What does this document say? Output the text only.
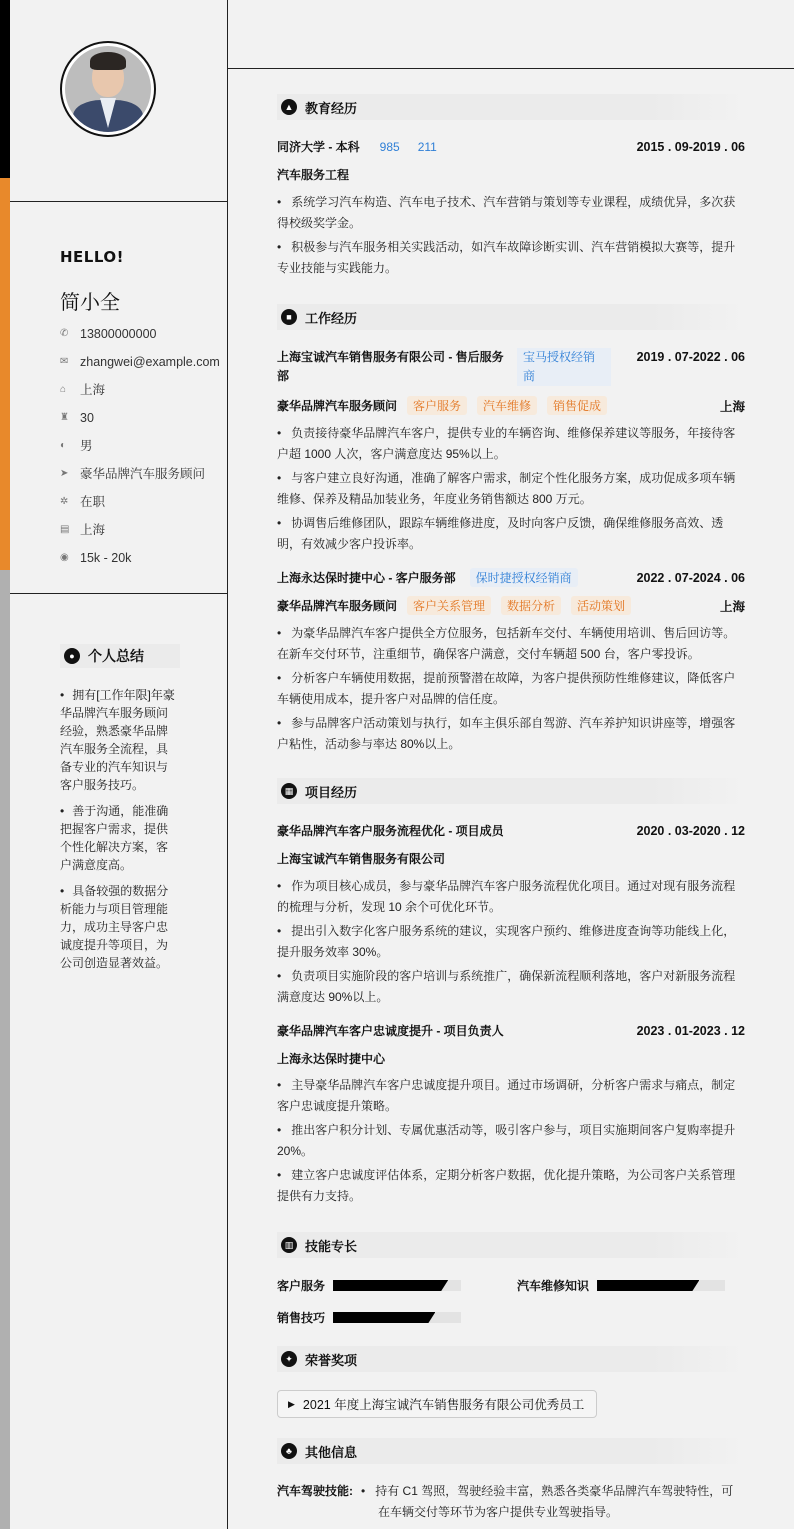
HELLO!
简小全
✆ 13800000000
✉ zhangwei@example.com
⌂	上海
♜ 30
◐	男
➤ 豪华品牌汽车服务顾问
✲ 在职
▤ 上海
◉ 15k - 20k
● 个人总结
• 拥有[工作年限]年豪华品牌汽车服务顾问经验，熟悉豪华品牌汽车服务全流程，具备专业的汽车知识与客户服务技巧。
• 善于沟通，能准确把握客户需求，提供个性化解决方案，客户满意度高。
• 具备较强的数据分析能力与项目管理能力，成功主导客户忠诚度提升等项目，为公司创造显著效益。
▲ 教育经历
同济大学 - 本科	985	211	2015 . 09-2019 . 06
汽车服务工程
• 系统学习汽车构造、汽车电子技术、汽车营销与策划等专业课程，成绩优异，多次获得校级奖学金。
• 积极参与汽车服务相关实践活动，如汽车故障诊断实训、汽车营销模拟大赛等，提升专业技能与实践能力。
■	工作经历
上海宝诚汽车销售服务有限公司 - 售后服务
部
宝马授权经销
商
2019 . 07-2022 . 06
豪华品牌汽车服务顾问	客户服务	汽车维修	销售促成	上海
• 负责接待豪华品牌汽车客户，提供专业的车辆咨询、维修保养建议等服务，年接待客户超 1000 人次，客户满意度达 95%以上。
• 与客户建立良好沟通，准确了解客户需求，制定个性化服务方案，成功促成多项车辆维修、保养及精品加装业务，年度业务销售额达 800 万元。
• 协调售后维修团队，跟踪车辆维修进度，及时向客户反馈，确保维修服务高效、透明，有效减少客户投诉率。
上海永达保时捷中心 - 客户服务部	保时捷授权经销商	2022 . 07-2024 . 06
豪华品牌汽车服务顾问	客户关系管理	数据分析	活动策划	上海
• 为豪华品牌汽车客户提供全方位服务，包括新车交付、车辆使用培训、售后回访等。在新车交付环节，注重细节，确保客户满意，交付车辆超 500 台，客户零投诉。
• 分析客户车辆使用数据，提前预警潜在故障，为客户提供预防性维修建议，降低客户车辆使用成本，提升客户对品牌的信任度。
• 参与品牌客户活动策划与执行，如车主俱乐部自驾游、汽车养护知识讲座等，增强客户粘性，活动参与率达 80%以上。
▦ 项目经历
豪华品牌汽车客户服务流程优化 - 项目成员	2020 . 03-2020 . 12
上海宝诚汽车销售服务有限公司
• 作为项目核心成员，参与豪华品牌汽车客户服务流程优化项目。通过对现有服务流程的梳理与分析，发现 10 余个可优化环节。
• 提出引入数字化客户服务系统的建议，实现客户预约、维修进度查询等功能线上化，提升服务效率 30%。
• 负责项目实施阶段的客户培训与系统推广，确保新流程顺利落地，客户对新服务流程满意度达 90%以上。
豪华品牌汽车客户忠诚度提升 - 项目负责人	2023 . 01-2023 . 12
上海永达保时捷中心
• 主导豪华品牌汽车客户忠诚度提升项目。通过市场调研，分析客户需求与痛点，制定客户忠诚度提升策略。
• 推出客户积分计划、专属优惠活动等，吸引客户参与，项目实施期间客户复购率提升 20%。
• 建立客户忠诚度评估体系，定期分析客户数据，优化提升策略，为公司客户关系管理提供有力支持。
▥ 技能专长
客户服务	汽车维修知识
销售技巧
✦ 荣誉奖项
▶ 2021 年度上海宝诚汽车销售服务有限公司优秀员工
♣	其他信息
汽车驾驶技能: • 持有 C1 驾照，驾驶经验丰富，熟悉各类豪华品牌汽车驾驶特性，可
在车辆交付等环节为客户提供专业驾驶指导。
